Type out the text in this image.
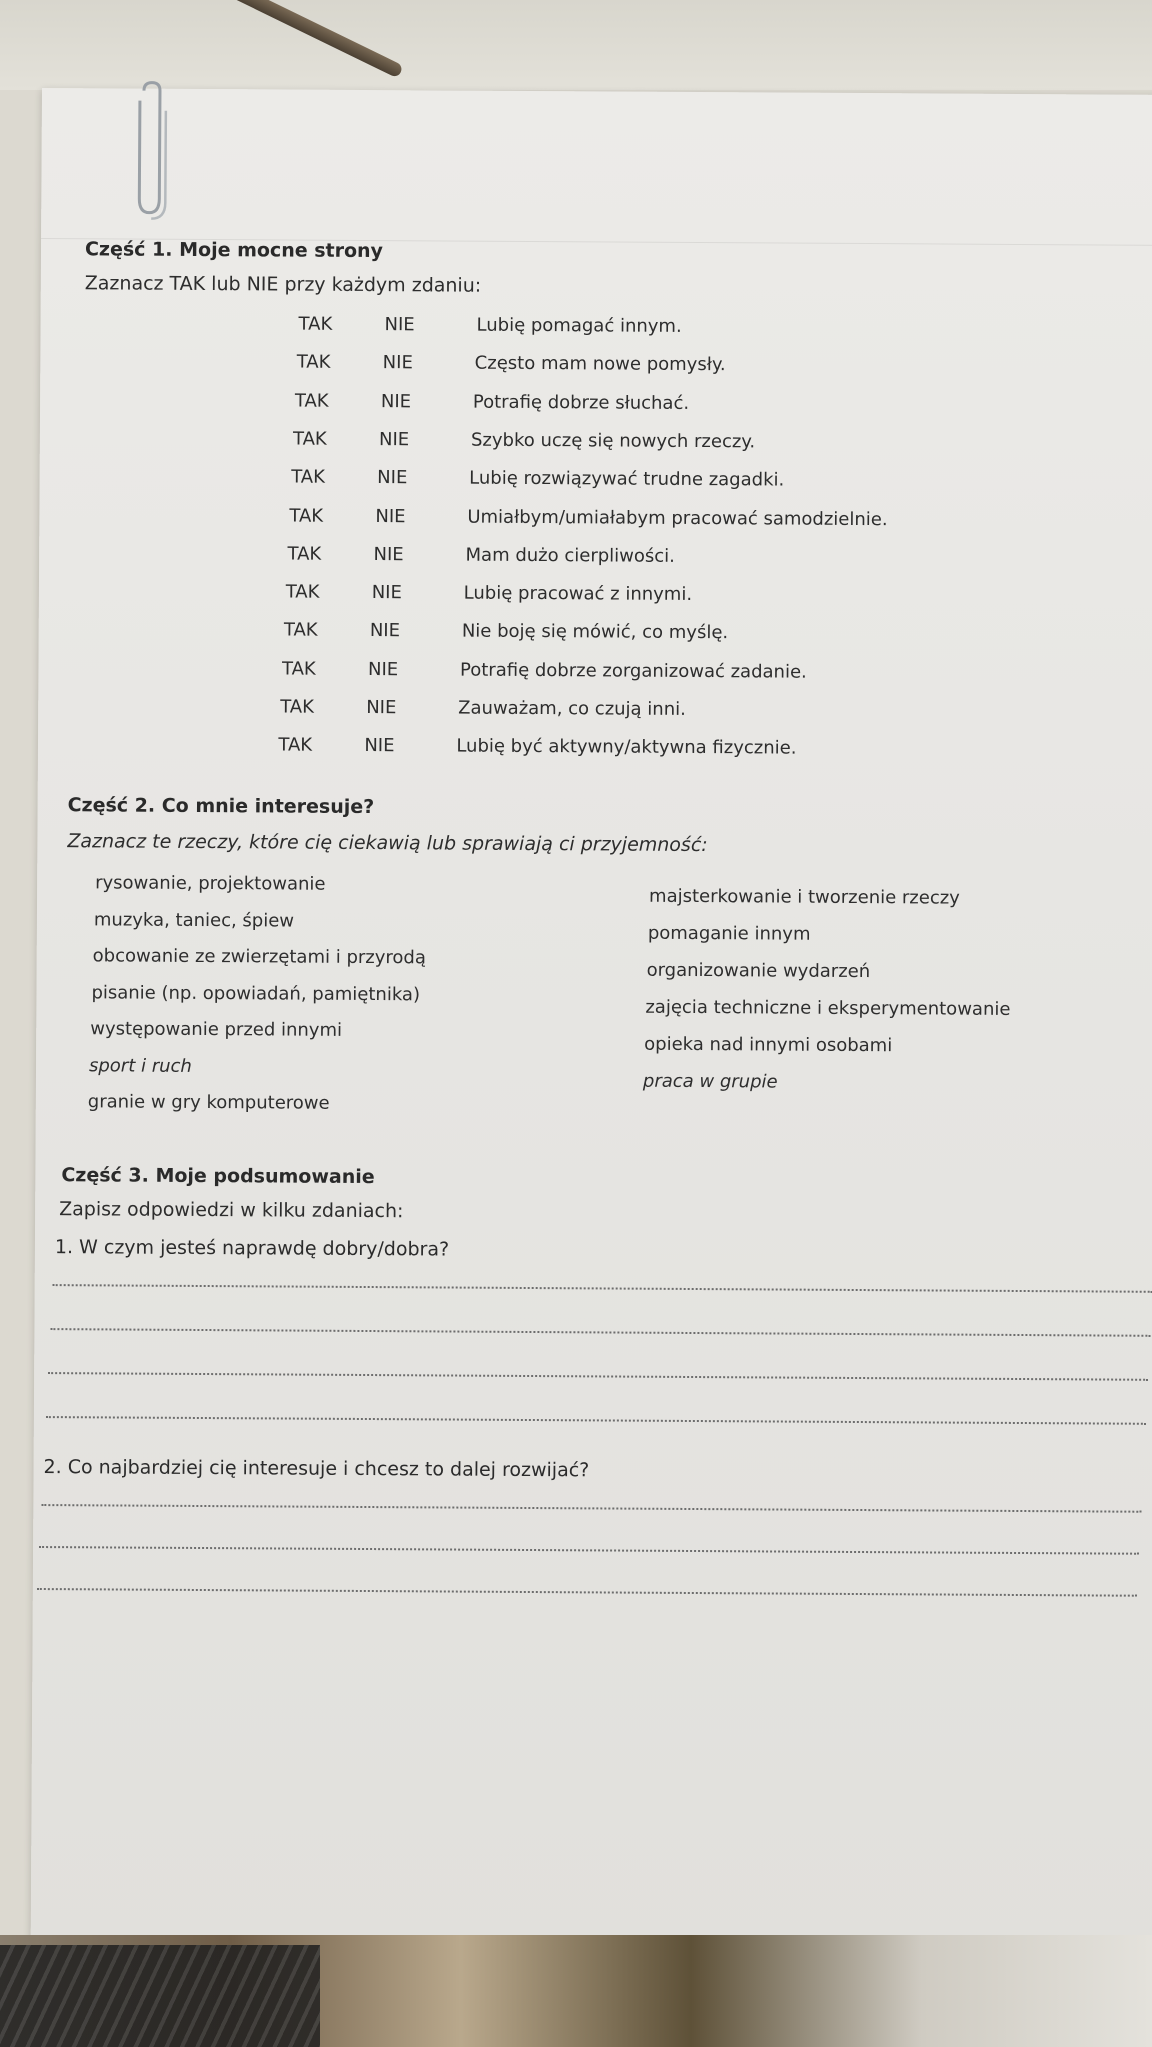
Część 1. Moje mocne strony
Zaznacz TAK lub NIE przy każdym zdaniu:
TAK	NIE	Lubię pomagać innym.
TAK	NIE	Często mam nowe pomysły.
TAK	NIE	Potrafię dobrze słuchać.
TAK	NIE	Szybko uczę się nowych rzeczy.
TAK	NIE	Lubię rozwiązywać trudne zagadki.
TAK	NIE	Umiałbym/umiałabym pracować samodzielnie.
TAK	NIE	Mam dużo cierpliwości.
TAK	NIE	Lubię pracować z innymi.
TAK	NIE	Nie boję się mówić, co myślę.
TAK	NIE	Potrafię dobrze zorganizować zadanie.
TAK	NIE	Zauważam, co czują inni.
TAK	NIE	Lubię być aktywny/aktywna fizycznie.
Część 2. Co mnie interesuje?
Zaznacz te rzeczy, które cię ciekawią lub sprawiają ci przyjemność:
rysowanie, projektowanie
muzyka, taniec, śpiew
obcowanie ze zwierzętami i przyrodą
pisanie (np. opowiadań, pamiętnika)
występowanie przed innymi
sport i ruch
granie w gry komputerowe
majsterkowanie i tworzenie rzeczy
pomaganie innym
organizowanie wydarzeń
zajęcia techniczne i eksperymentowanie
opieka nad innymi osobami
praca w grupie
Część 3. Moje podsumowanie
Zapisz odpowiedzi w kilku zdaniach:
1. W czym jesteś naprawdę dobry/dobra?
2. Co najbardziej cię interesuje i chcesz to dalej rozwijać?
